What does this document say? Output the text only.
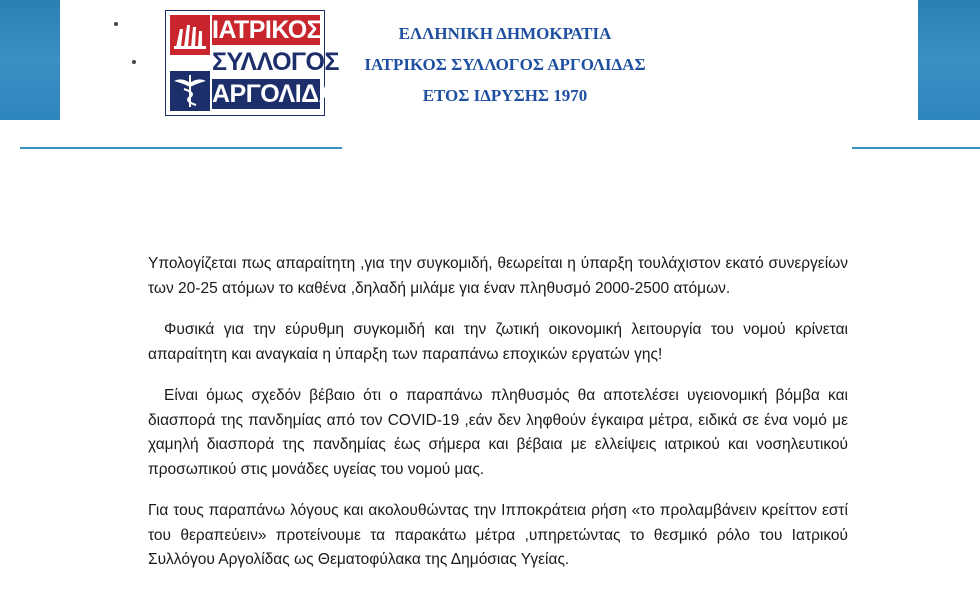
ΙΑΤΡΙΚΟΣ
ΣΥΛΛΟΓΟΣ
ΑΡΓΟΛΙΔΑΣ
ΕΛΛΗΝΙΚΗ ΔΗΜΟΚΡΑΤΙΑ
ΙΑΤΡΙΚΟΣ ΣΥΛΛΟΓΟΣ ΑΡΓΟΛΙΔΑΣ
ΕΤΟΣ ΙΔΡΥΣΗΣ 1970

Υπολογίζεται πως απαραίτητη ,για την συγκομιδή, θεωρείται η ύπαρξη τουλάχιστον εκατό συνεργείων των 20-25 ατόμων το καθένα ,δηλαδή μιλάμε για έναν πληθυσμό 2000-2500 ατόμων.

Φυσικά για την εύρυθμη συγκομιδή και την ζωτική οικονομική λειτουργία του νομού κρίνεται απαραίτητη και αναγκαία η ύπαρξη των παραπάνω εποχικών εργατών γης!

Είναι όμως σχεδόν βέβαιο ότι ο παραπάνω πληθυσμός θα αποτελέσει υγειονομική βόμβα και διασπορά της πανδημίας από τον COVID-19 ,εάν δεν ληφθούν έγκαιρα μέτρα, ειδικά σε ένα νομό με χαμηλή διασπορά της πανδημίας έως σήμερα και βέβαια με ελλείψεις ιατρικού και νοσηλευτικού προσωπικού στις μονάδες υγείας του νομού μας.

Για τους παραπάνω λόγους και ακολουθώντας την Ιπποκράτεια ρήση «το προλαμβάνειν κρείττον εστί του θεραπεύειν» προτείνουμε τα παρακάτω μέτρα ,υπηρετώντας το θεσμικό ρόλο του Ιατρικού Συλλόγου Αργολίδας ως Θεματοφύλακα της Δημόσιας Υγείας.
